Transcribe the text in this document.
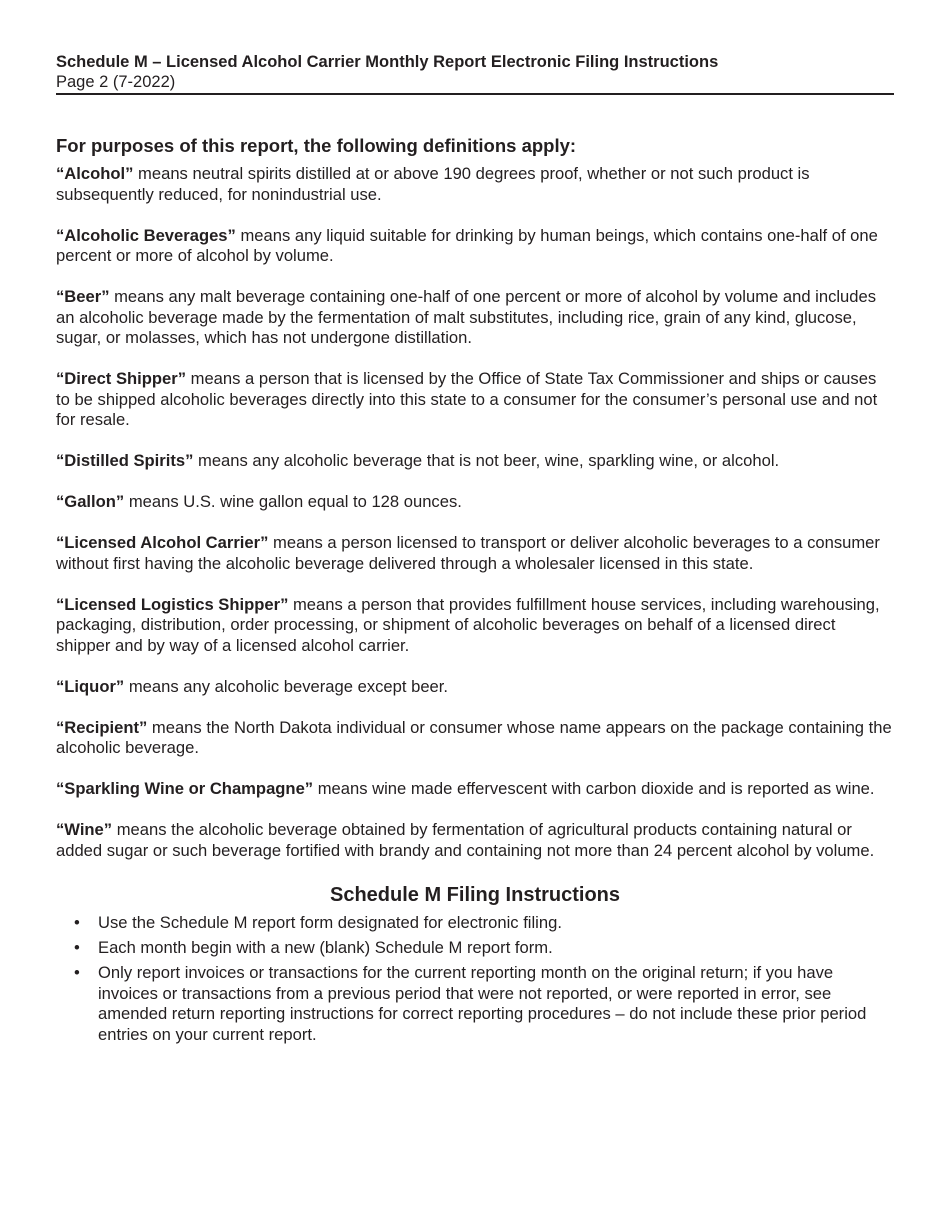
Schedule M – Licensed Alcohol Carrier Monthly Report Electronic Filing Instructions
Page 2 (7-2022)
For purposes of this report, the following definitions apply:

“Alcohol” means neutral spirits distilled at or above 190 degrees proof, whether or not such product is subsequently reduced, for nonindustrial use.

“Alcoholic Beverages” means any liquid suitable for drinking by human beings, which contains one-half of one percent or more of alcohol by volume.

“Beer” means any malt beverage containing one-half of one percent or more of alcohol by volume and includes an alcoholic beverage made by the fermentation of malt substitutes, including rice, grain of any kind, glucose, sugar, or molasses, which has not undergone distillation.

“Direct Shipper” means a person that is licensed by the Office of State Tax Commissioner and ships or causes to be shipped alcoholic beverages directly into this state to a consumer for the consumer’s personal use and not for resale.

“Distilled Spirits” means any alcoholic beverage that is not beer, wine, sparkling wine, or alcohol.

“Gallon” means U.S. wine gallon equal to 128 ounces.

“Licensed Alcohol Carrier” means a person licensed to transport or deliver alcoholic beverages to a consumer without first having the alcoholic beverage delivered through a wholesaler licensed in this state.

“Licensed Logistics Shipper” means a person that provides fulfillment house services, including warehousing, packaging, distribution, order processing, or shipment of alcoholic beverages on behalf of a licensed direct shipper and by way of a licensed alcohol carrier.

“Liquor” means any alcoholic beverage except beer.

“Recipient” means the North Dakota individual or consumer whose name appears on the package containing the alcoholic beverage.

“Sparkling Wine or Champagne” means wine made effervescent with carbon dioxide and is reported as wine.

“Wine” means the alcoholic beverage obtained by fermentation of agricultural products containing natural or added sugar or such beverage fortified with brandy and containing not more than 24 percent alcohol by volume.

Schedule M Filing Instructions
• Use the Schedule M report form designated for electronic filing.
• Each month begin with a new (blank) Schedule M report form.
• Only report invoices or transactions for the current reporting month on the original return; if you have invoices or transactions from a previous period that were not reported, or were reported in error, see amended return reporting instructions for correct reporting procedures – do not include these prior period entries on your current report.
